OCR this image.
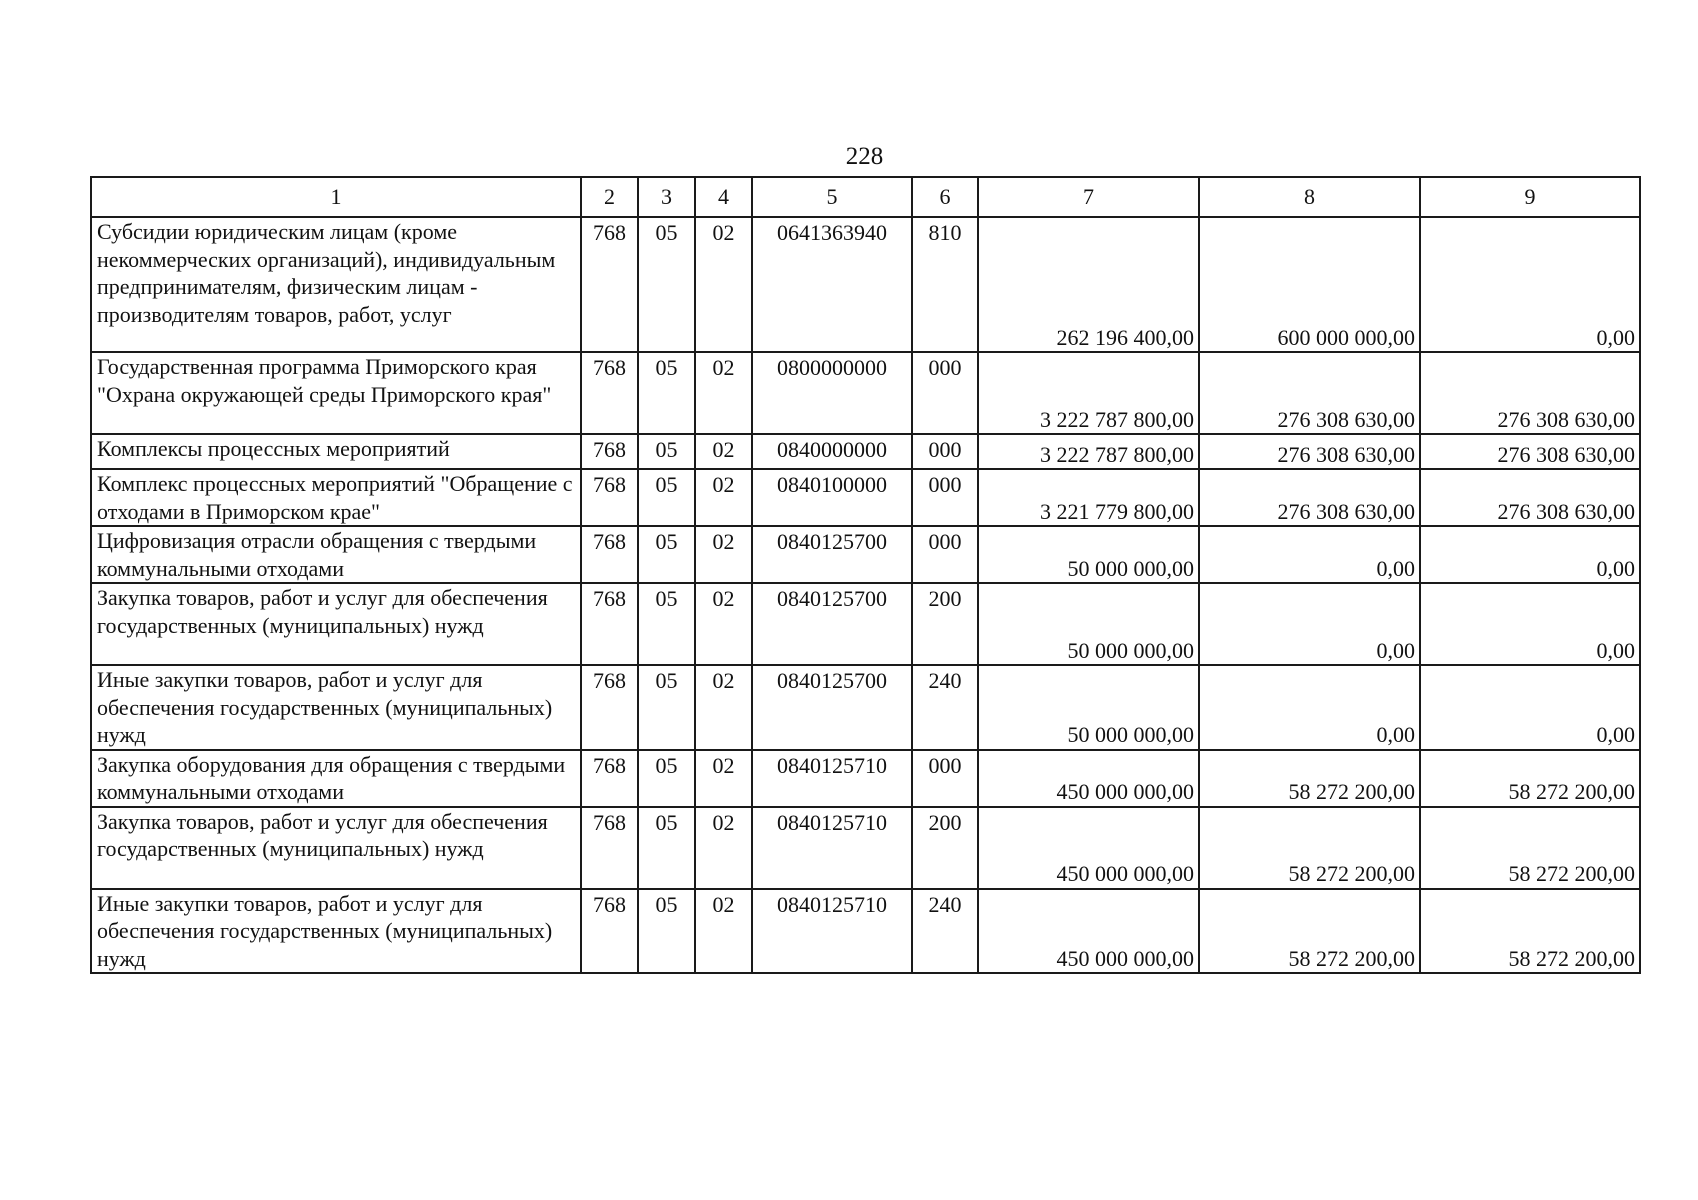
228
1	2	3	4	5	6	7	8	9
Субсидии юридическим лицам (кроме некоммерческих организаций), индивидуальным предпринимателям, физическим лицам - производителям товаров, работ, услуг	768	05	02	0641363940	810	262 196 400,00	600 000 000,00	0,00
Государственная программа Приморского края "Охрана окружающей среды Приморского края"	768	05	02	0800000000	000	3 222 787 800,00	276 308 630,00	276 308 630,00
Комплексы процессных мероприятий	768	05	02	0840000000	000	3 222 787 800,00	276 308 630,00	276 308 630,00
Комплекс процессных мероприятий "Обращение с отходами в Приморском крае"	768	05	02	0840100000	000	3 221 779 800,00	276 308 630,00	276 308 630,00
Цифровизация отрасли обращения с твердыми коммунальными отходами	768	05	02	0840125700	000	50 000 000,00	0,00	0,00
Закупка товаров, работ и услуг для обеспечения государственных (муниципальных) нужд	768	05	02	0840125700	200	50 000 000,00	0,00	0,00
Иные закупки товаров, работ и услуг для обеспечения государственных (муниципальных) нужд	768	05	02	0840125700	240	50 000 000,00	0,00	0,00
Закупка оборудования для обращения с твердыми коммунальными отходами	768	05	02	0840125710	000	450 000 000,00	58 272 200,00	58 272 200,00
Закупка товаров, работ и услуг для обеспечения государственных (муниципальных) нужд	768	05	02	0840125710	200	450 000 000,00	58 272 200,00	58 272 200,00
Иные закупки товаров, работ и услуг для обеспечения государственных (муниципальных) нужд	768	05	02	0840125710	240	450 000 000,00	58 272 200,00	58 272 200,00
